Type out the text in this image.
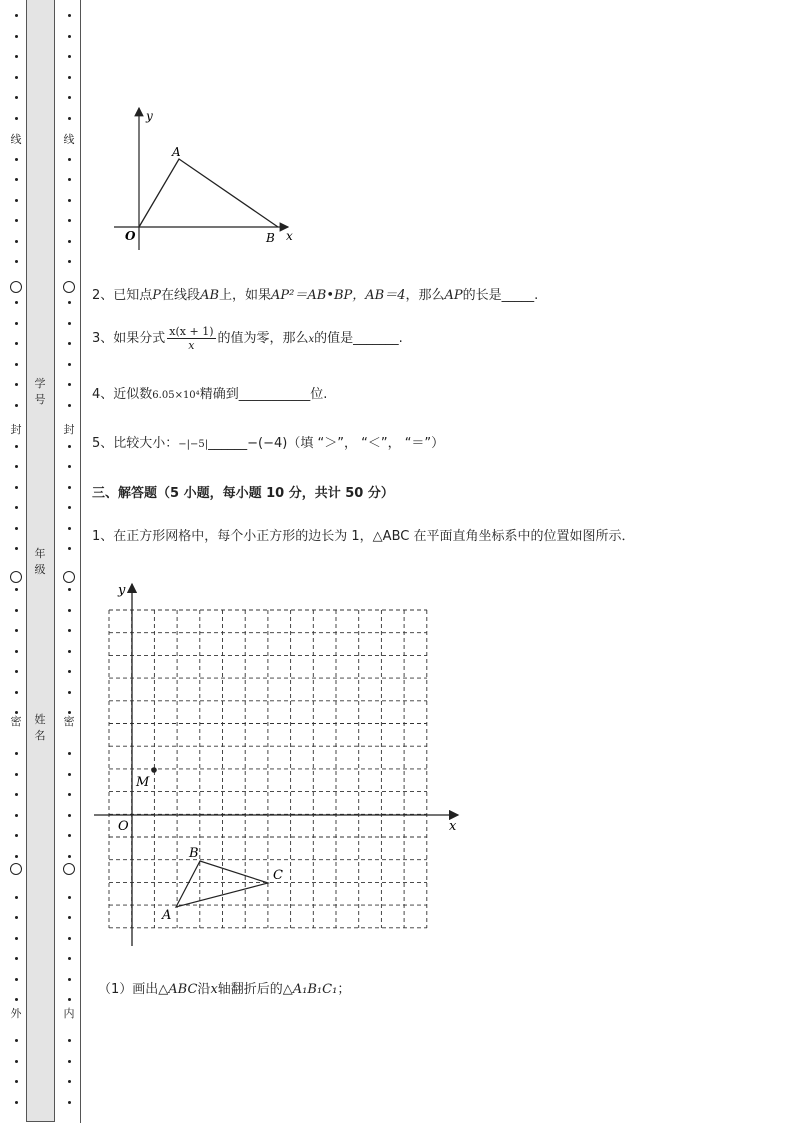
线
封
密
外
线
封
密
内
学号
年级
姓名
y
x
O
A
B
2、已知点P在线段AB上，如果AP²＝AB•BP，AB＝4，那么AP的长是_____.
3、如果分式 $\frac{x(x + 1)}{x}$ 的值为零，那么x的值是_______.
4、近似数6.05×10⁴精确到___________位.
5、比较大小：−|−5|______−(−4)（填 “＞”， “＜”， “＝”）
三、解答题（5 小题，每小题 10 分，共计 50 分）
1、在正方形网格中，每个小正方形的边长为 1，△ABC 在平面直角坐标系中的位置如图所示．
y
x
O
M
A
B
C
（1）画出△ABC沿x轴翻折后的△A₁B₁C₁；
